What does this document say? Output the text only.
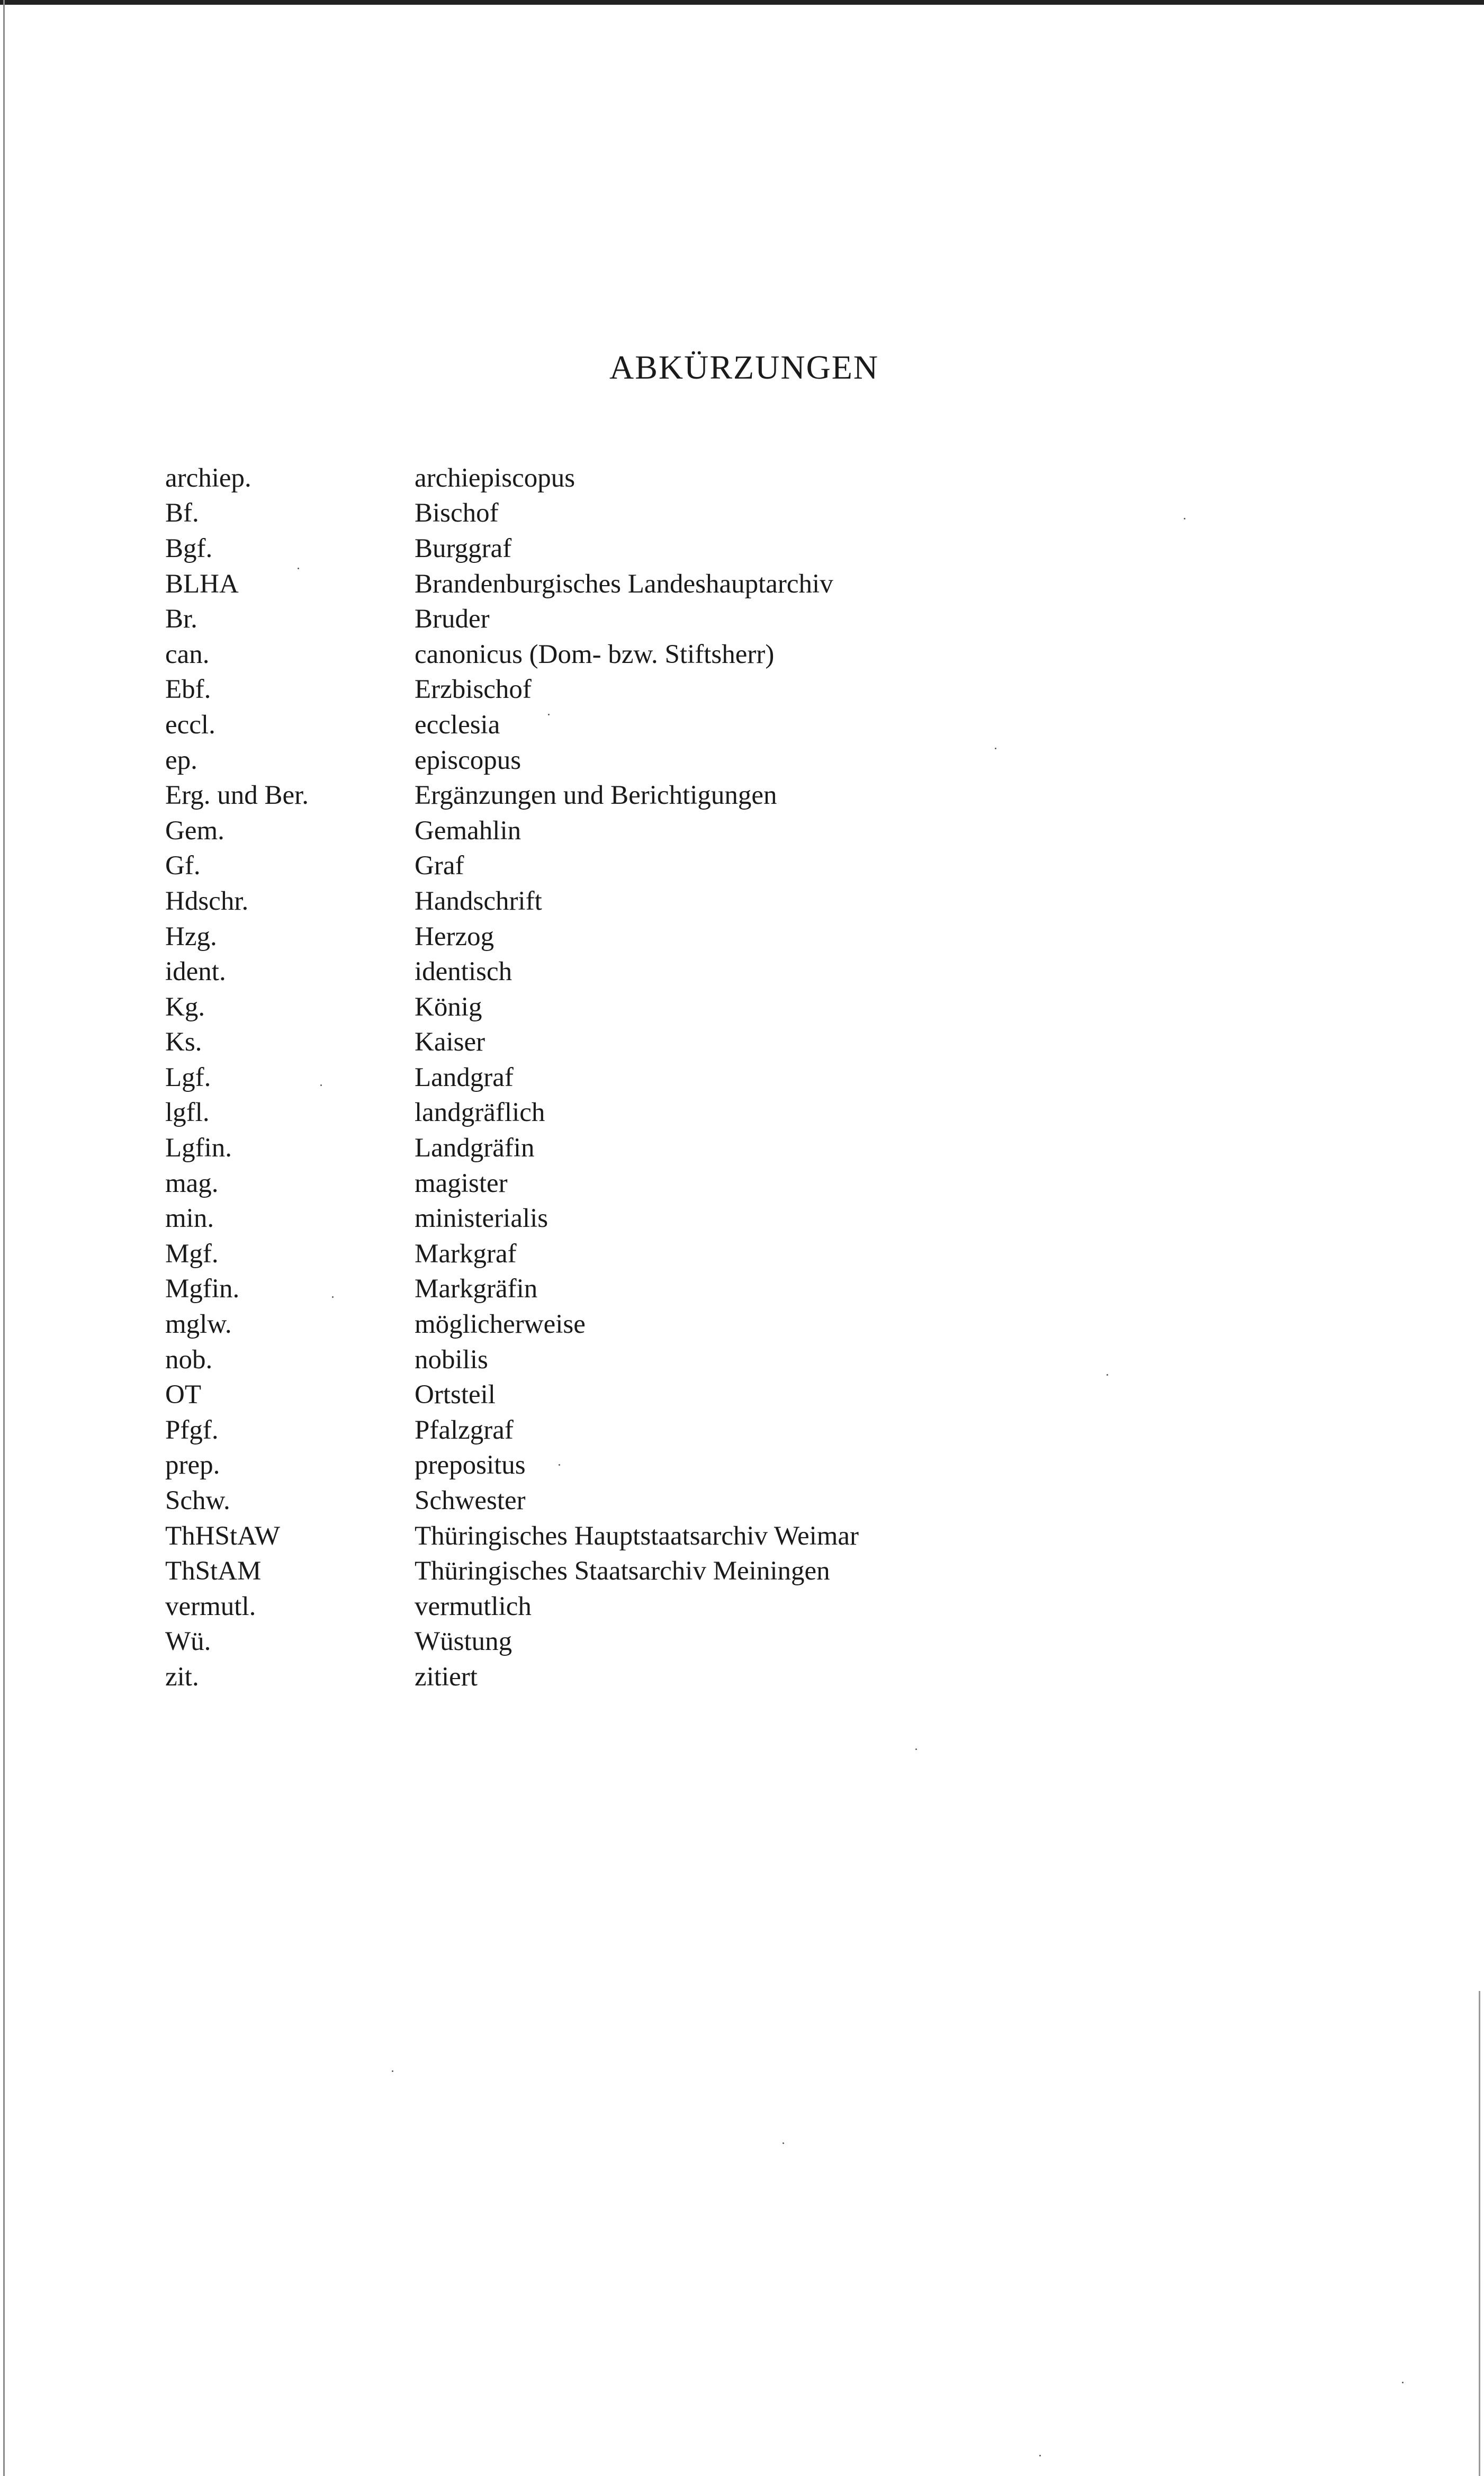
ABKÜRZUNGEN
archiep.	archiepiscopus
Bf.	Bischof
Bgf.	Burggraf
BLHA	Brandenburgisches Landeshauptarchiv
Br.	Bruder
can.	canonicus (Dom- bzw. Stiftsherr)
Ebf.	Erzbischof
eccl.	ecclesia
ep.	episcopus
Erg. und Ber.	Ergänzungen und Berichtigungen
Gem.	Gemahlin
Gf.	Graf
Hdschr.	Handschrift
Hzg.	Herzog
ident.	identisch
Kg.	König
Ks.	Kaiser
Lgf.	Landgraf
lgfl.	landgräflich
Lgfin.	Landgräfin
mag.	magister
min.	ministerialis
Mgf.	Markgraf
Mgfin.	Markgräfin
mglw.	möglicherweise
nob.	nobilis
OT	Ortsteil
Pfgf.	Pfalzgraf
prep.	prepositus
Schw.	Schwester
ThHStAW	Thüringisches Hauptstaatsarchiv Weimar
ThStAM	Thüringisches Staatsarchiv Meiningen
vermutl.	vermutlich
Wü.	Wüstung
zit.	zitiert
